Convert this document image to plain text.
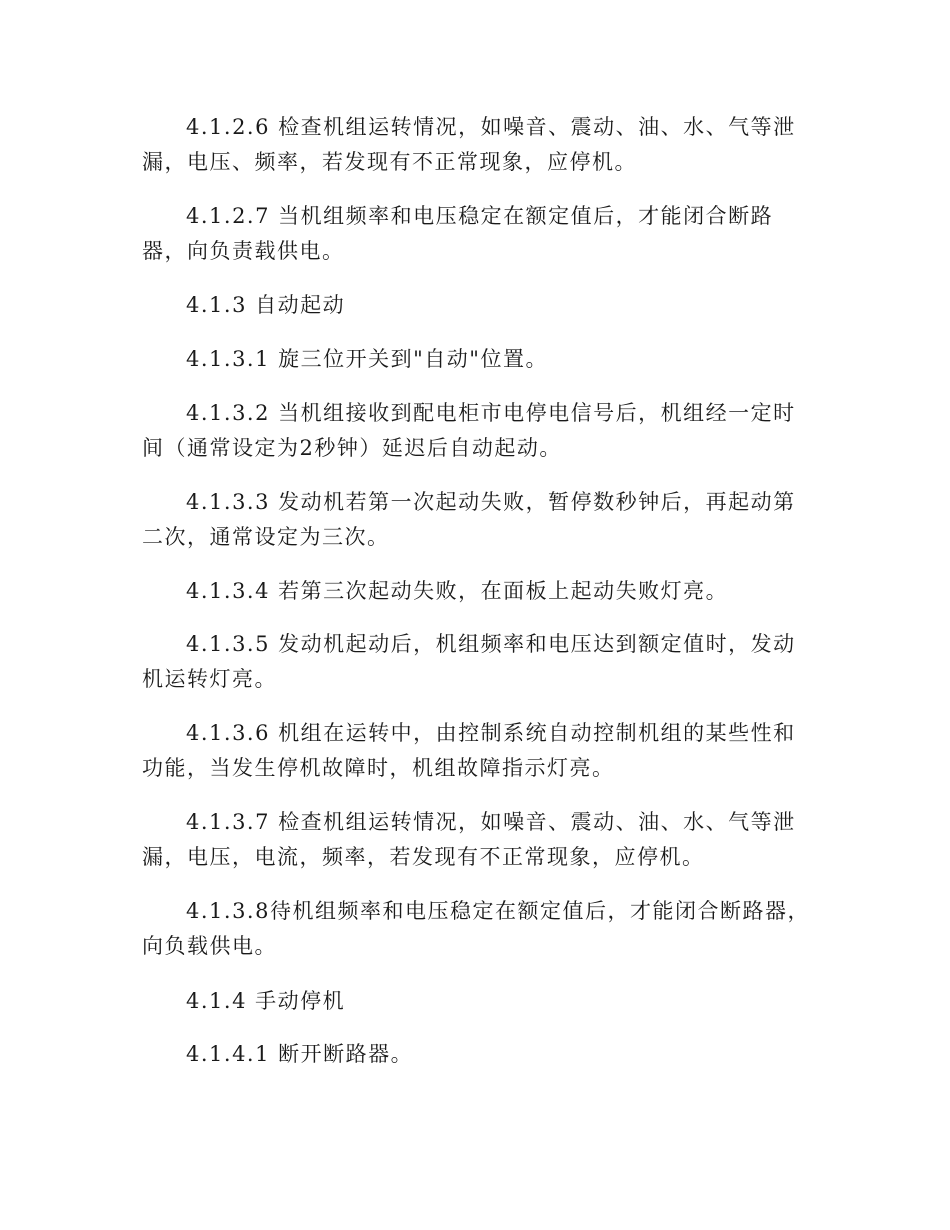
4.1.2.6 检查机组运转情况，如噪音、震动、油、水、气等泄漏，电压、频率，若发现有不正常现象，应停机。

4.1.2.7 当机组频率和电压稳定在额定值后，才能闭合断路器，向负责载供电。

4.1.3 自动起动

4.1.3.1 旋三位开关到"自动"位置。

4.1.3.2 当机组接收到配电柜市电停电信号后，机组经一定时间（通常设定为2秒钟）延迟后自动起动。

4.1.3.3 发动机若第一次起动失败，暂停数秒钟后，再起动第二次，通常设定为三次。

4.1.3.4 若第三次起动失败，在面板上起动失败灯亮。

4.1.3.5 发动机起动后，机组频率和电压达到额定值时，发动机运转灯亮。

4.1.3.6 机组在运转中，由控制系统自动控制机组的某些性和功能，当发生停机故障时，机组故障指示灯亮。

4.1.3.7 检查机组运转情况，如噪音、震动、油、水、气等泄漏，电压，电流，频率，若发现有不正常现象，应停机。

4.1.3.8待机组频率和电压稳定在额定值后，才能闭合断路器，向负载供电。

4.1.4 手动停机

4.1.4.1 断开断路器。
